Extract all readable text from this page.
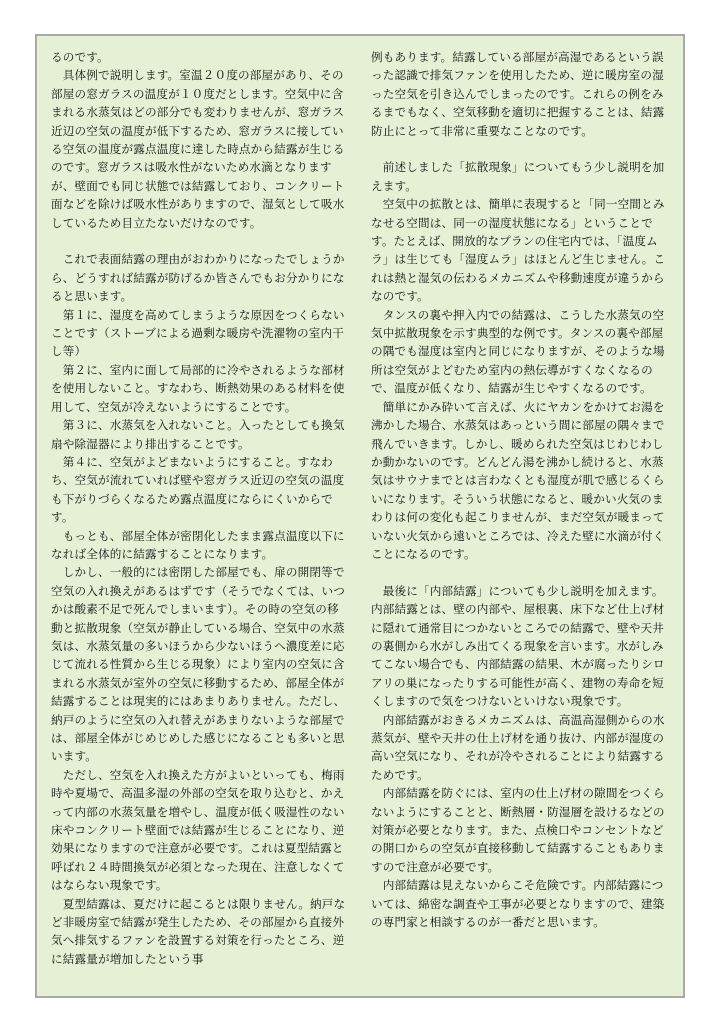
るのです。

　具体例で説明します。室温２０度の部屋があり、その部屋の窓ガラスの温度が１０度だとします。空気中に含まれる水蒸気はどの部分でも変わりませんが、窓ガラス近辺の空気の温度が低下するため、窓ガラスに接している空気の温度が露点温度に達した時点から結露が生じるのです。窓ガラスは吸水性がないため水滴となりますが、壁面でも同じ状態では結露しており、コンクリート面などを除けば吸水性がありますので、湿気として吸水しているため目立たないだけなのです。

　これで表面結露の理由がおわかりになったでしょうから、どうすれば結露が防げるか皆さんでもお分かりになると思います。

　第１に、湿度を高めてしまうような原因をつくらないことです（ストーブによる過剰な暖房や洗濯物の室内干し等）

　第２に、室内に面して局部的に冷やされるような部材を使用しないこと。すなわち、断熱効果のある材料を使用して、空気が冷えないようにすることです。

　第３に、水蒸気を入れないこと。入ったとしても換気扇や除湿器により排出することです。

　第４に、空気がよどまないようにすること。すなわち、空気が流れていれば壁や窓ガラス近辺の空気の温度も下がりづらくなるため露点温度にならにくいからです。

　もっとも、部屋全体が密閉化したまま露点温度以下になれば全体的に結露することになります。

　しかし、一般的には密閉した部屋でも、扉の開閉等で空気の入れ換えがあるはずです（そうでなくては、いつかは酸素不足で死んでしまいます）。その時の空気の移動と拡散現象（空気が静止している場合、空気中の水蒸気は、水蒸気量の多いほうから少ないほうへ濃度差に応じて流れる性質から生じる現象）により室内の空気に含まれる水蒸気が室外の空気に移動するため、部屋全体が結露することは現実的にはあまりありません。ただし、納戸のように空気の入れ替えがあまりないような部屋では、部屋全体がじめじめした感じになることも多いと思います。

　ただし、空気を入れ換えた方がよいといっても、梅雨時や夏場で、高温多湿の外部の空気を取り込むと、かえって内部の水蒸気量を増やし、温度が低く吸湿性のない床やコンクリート壁面では結露が生じることになり、逆効果になりますので注意が必要です。これは夏型結露と呼ばれ２４時間換気が必須となった現在、注意しなくてはならない現象です。

　夏型結露は、夏だけに起こるとは限りません。納戸など非暖房室で結露が発生したため、その部屋から直接外気へ排気するファンを設置する対策を行ったところ、逆に結露量が増加したという事

例もあります。結露している部屋が高湿であるという誤った認識で排気ファンを使用したため、逆に暖房室の湿った空気を引き込んでしまったのです。これらの例をみるまでもなく、空気移動を適切に把握することは、結露防止にとって非常に重要なことなのです。

　前述しました「拡散現象」についてもう少し説明を加えます。

　空気中の拡散とは、簡単に表現すると「同一空間とみなせる空間は、同一の湿度状態になる」ということです。たとえば、開放的なプランの住宅内では、「温度ムラ」は生じても「湿度ムラ」はほとんど生じません。これは熱と湿気の伝わるメカニズムや移動速度が違うからなのです。

　タンスの裏や押入内での結露は、こうした水蒸気の空気中拡散現象を示す典型的な例です。タンスの裏や部屋の隅でも湿度は室内と同じになりますが、そのような場所は空気がよどむため室内の熱伝導がすくなくなるので、温度が低くなり、結露が生じやすくなるのです。

　簡単にかみ砕いて言えば、火にヤカンをかけてお湯を沸かした場合、水蒸気はあっという間に部屋の隅々まで飛んでいきます。しかし、暖められた空気はじわじわしか動かないのです。どんどん湯を沸かし続けると、水蒸気はサウナまでとは言わなくとも湿度が肌で感じるくらいになります。そういう状態になると、暖かい火気のまわりは何の変化も起こりませんが、まだ空気が暖まっていない火気から遠いところでは、冷えた壁に水滴が付くことになるのです。

　最後に「内部結露」についても少し説明を加えます。内部結露とは、壁の内部や、屋根裏、床下など仕上げ材に隠れて通常目につかないところでの結露で、壁や天井の裏側から水がしみ出てくる現象を言います。水がしみてこない場合でも、内部結露の結果、木が腐ったりシロアリの巣になったりする可能性が高く、建物の寿命を短くしますので気をつけないといけない現象です。

　内部結露がおきるメカニズムは、高温高湿側からの水蒸気が、壁や天井の仕上げ材を通り抜け、内部が湿度の高い空気になり、それが冷やされることにより結露するためです。

　内部結露を防ぐには、室内の仕上げ材の隙間をつくらないようにすることと、断熱層・防湿層を設けるなどの対策が必要となります。また、点検口やコンセントなどの開口からの空気が直接移動して結露することもありますので注意が必要です。

　内部結露は見えないからこそ危険です。内部結露については、綿密な調査や工事が必要となりますので、建築の専門家と相談するのが一番だと思います。
